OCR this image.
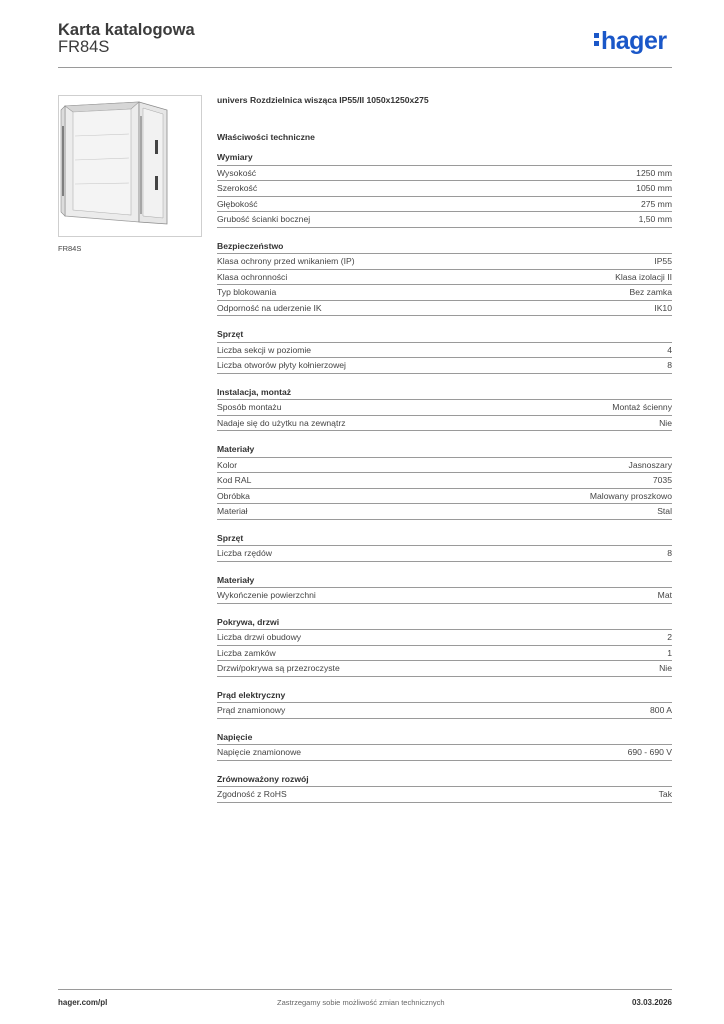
Karta katalogowa
FR84S	hager
FR84S
univers Rozdzielnica wisząca IP55/II 1050x1250x275
Właściwości techniczne
Wymiary
Wysokość	1250 mm
Szerokość	1050 mm
Głębokość	275 mm
Grubość ścianki bocznej	1,50 mm
Bezpieczeństwo
Klasa ochrony przed wnikaniem (IP)	IP55
Klasa ochronności	Klasa izolacji II
Typ blokowania	Bez zamka
Odporność na uderzenie IK	IK10
Sprzęt
Liczba sekcji w poziomie	4
Liczba otworów płyty kołnierzowej	8
Instalacja, montaż
Sposób montażu	Montaż ścienny
Nadaje się do użytku na zewnątrz	Nie
Materiały
Kolor	Jasnoszary
Kod RAL	7035
Obróbka	Malowany proszkowo
Materiał	Stal
Sprzęt
Liczba rzędów	8
Materiały
Wykończenie powierzchni	Mat
Pokrywa, drzwi
Liczba drzwi obudowy	2
Liczba zamków	1
Drzwi/pokrywa są przezroczyste	Nie
Prąd elektryczny
Prąd znamionowy	800 A
Napięcie
Napięcie znamionowe	690 - 690 V
Zrównoważony rozwój
Zgodność z RoHS	Tak
hager.com/pl	Zastrzegamy sobie możliwość zmian technicznych	03.03.2026
